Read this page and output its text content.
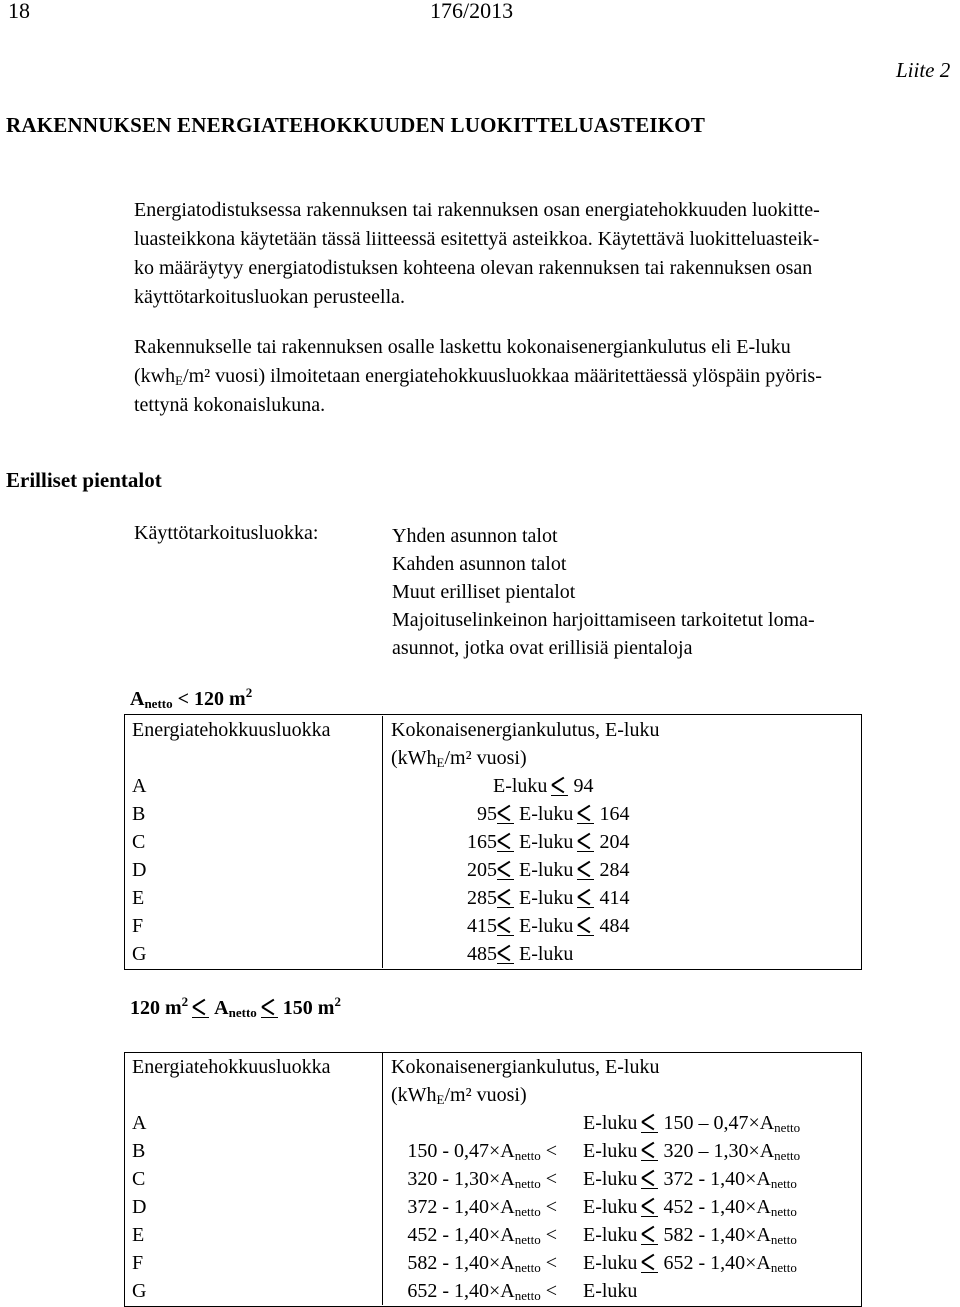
18	176/2013
Liite 2
RAKENNUKSEN ENERGIATEHOKKUUDEN LUOKITTELUASTEIKOT
Energiatodistuksessa rakennuksen tai rakennuksen osan energiatehokkuuden luokitte-
luasteikkona käytetään tässä liitteessä esitettyä asteikkoa. Käytettävä luokitteluasteik-
ko määräytyy energiatodistuksen kohteena olevan rakennuksen tai rakennuksen osan
käyttötarkoitusluokan perusteella.
Rakennukselle tai rakennuksen osalle laskettu kokonaisenergiankulutus eli E-luku
(kwh$_E$/m² vuosi) ilmoitetaan energiatehokkuusluokkaa määritettäessä ylöspäin pyöris-
tettynä kokonaislukuna.
Erilliset pientalot
Käyttötarkoitusluokka:	Yhden asunnon talot
Kahden asunnon talot
Muut erilliset pientalot
Majoituselinkeinon harjoittamiseen tarkoitetut loma-
asunnot, jotka ovat erillisiä pientaloja
$A_{netto} < 120$ $m^2$
Energiatehokkuusluokka	Kokonaisenergiankulutus, E-luku
	(kWh$_E$/m² vuosi)
A	E-luku 94

B	95 E-luku 164

C	165 E-luku 204

D	205 E-luku 284

E	285 E-luku 414

F	415 E-luku 484

G	485 E-luku
120 $m^2$ $A_{netto}$ 150 $m^2$
Energiatehokkuusluokka	Kokonaisenergiankulutus, E-luku
	(kWh$_E$/m² vuosi)
A	E-luku $150 - 0,47\times A_{netto}$

B	$150 - 0,47\times A_{netto}$ < E-luku $320 - 1,30\times A_{netto}$

C	$320 - 1,30\times A_{netto}$ < E-luku $372 - 1,40\times A_{netto}$

D	$372 - 1,40\times A_{netto}$ < E-luku $452 - 1,40\times A_{netto}$

E	$452 - 1,40\times A_{netto}$ < E-luku $582 - 1,40\times A_{netto}$

F	$582 - 1,40\times A_{netto}$ < E-luku $652 - 1,40\times A_{netto}$

G	$652 - 1,40\times A_{netto}$ < E-luku
